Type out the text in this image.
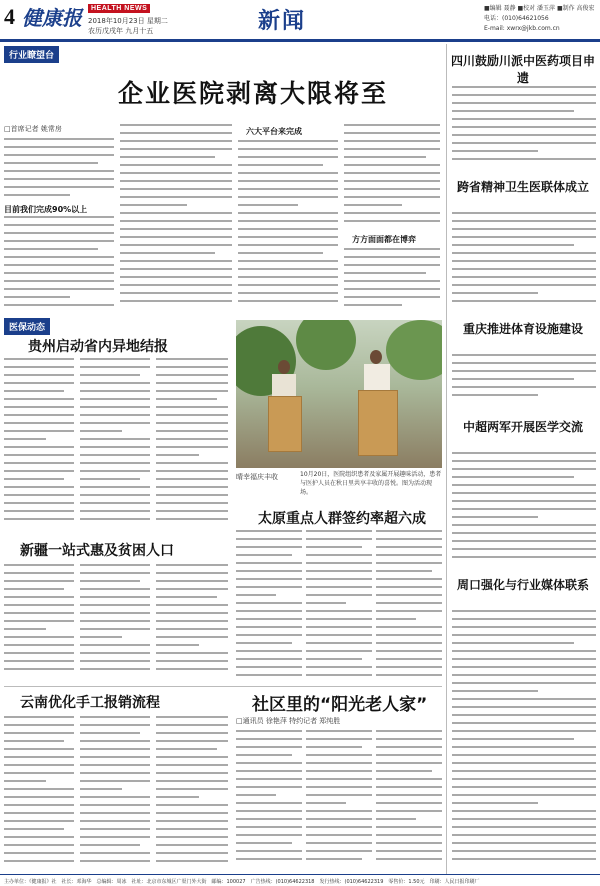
4 健康报	HEALTH NEWS
2018年10月23日 星期二
农历戊戌年 九月十五	新闻
■编辑 聂静 ■校对 潘玉萍 ■制作 高俊宏
电话：(010)64621056
E-mail: xwrx@jkb.com.cn
行业瞭望台
企业医院剥离大限将至
□首席记者 姚常房
目前我们完成90%以上
六大平台来完成
方方面面都在博弈
医保动态
贵州启动省内异地结报
晴幸福庆丰收	10月20日，医院组织患者及家属开展趣味活动，患者与医护人员在秋日里共享丰收的喜悦。图为活动现场。
新疆一站式惠及贫困人口
太原重点人群签约率超六成
云南优化手工报销流程	社区里的“阳光老人家”
□通讯员 徐艳萍 特约记者 郑纯胜
四川鼓励川派中医药项目申遗
跨省精神卫生医联体成立
重庆推进体育设施建设
中超两军开展医学交流
周口强化与行业媒体联系
主办单位：《健康报》社　社长：邓海华　总编辑：周冰　社址：北京市东城区广渠门外大街　邮编：100027　广告热线：(010)64622318　发行热线：(010)64622319　零售价：1.50元　印刷：人民日报印刷厂
